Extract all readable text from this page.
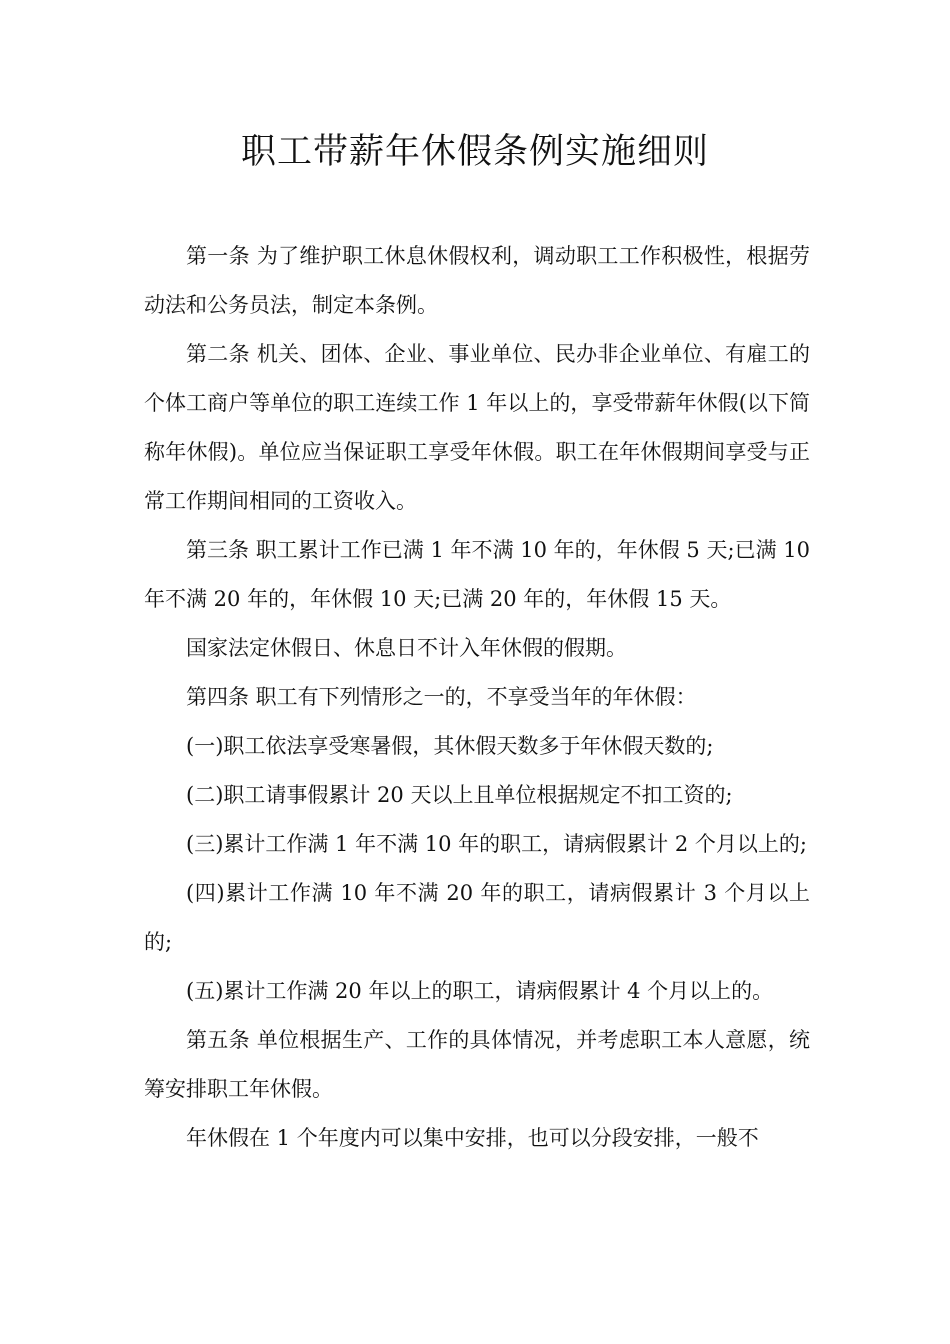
职工带薪年休假条例实施细则

第一条 为了维护职工休息休假权利，调动职工工作积极性，根据劳动法和公务员法，制定本条例。

第二条 机关、团体、企业、事业单位、民办非企业单位、有雇工的个体工商户等单位的职工连续工作 1 年以上的，享受带薪年休假(以下简称年休假)。单位应当保证职工享受年休假。职工在年休假期间享受与正常工作期间相同的工资收入。

第三条 职工累计工作已满 1 年不满 10 年的，年休假 5 天;已满 10 年不满 20 年的，年休假 10 天;已满 20 年的，年休假 15 天。

国家法定休假日、休息日不计入年休假的假期。

第四条 职工有下列情形之一的，不享受当年的年休假：

(一)职工依法享受寒暑假，其休假天数多于年休假天数的;

(二)职工请事假累计 20 天以上且单位根据规定不扣工资的;

(三)累计工作满 1 年不满 10 年的职工，请病假累计 2 个月以上的;

(四)累计工作满 10 年不满 20 年的职工，请病假累计 3 个月以上的;

(五)累计工作满 20 年以上的职工，请病假累计 4 个月以上的。

第五条 单位根据生产、工作的具体情况，并考虑职工本人意愿，统筹安排职工年休假。

年休假在 1 个年度内可以集中安排，也可以分段安排，一般不
